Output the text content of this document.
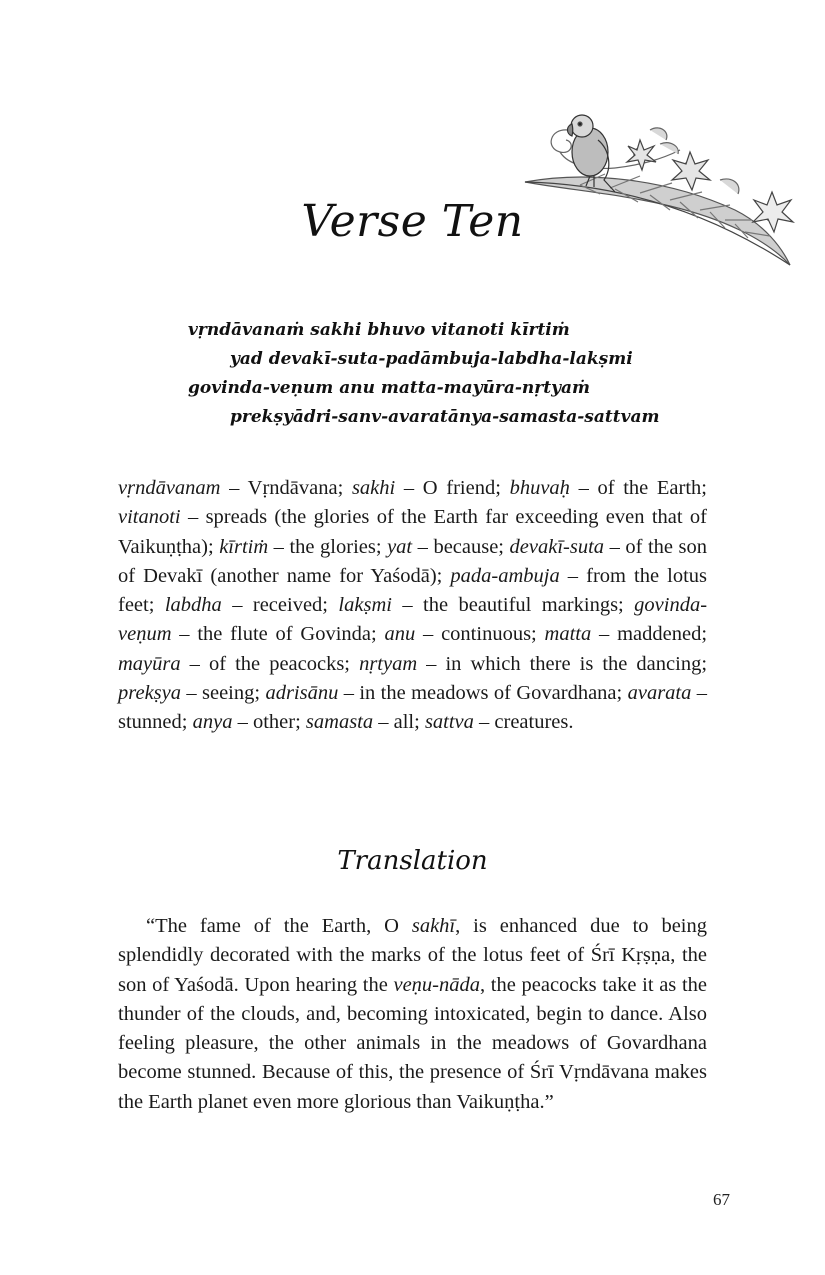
Verse Ten
vṛndāvanaṁ sakhi bhuvo vitanoti kīrtiṁ
yad devakī-suta-padāmbuja-labdha-lakṣmi
govinda-veṇum anu matta-mayūra-nṛtyaṁ
prekṣyādri-sanv-avaratānya-samasta-sattvam

vṛndāvanam – Vṛndāvana; sakhi – O friend; bhuvaḥ – of the Earth; vitanoti – spreads (the glories of the Earth far exceeding even that of Vaikuṇṭha); kīrtiṁ – the glories; yat – because; devakī-suta – of the son of Devakī (another name for Yaśodā); pada-ambuja – from the lotus feet; labdha – received; lakṣmi – the beautiful markings; govinda-veṇum – the flute of Govinda; anu – continuous; matta – maddened; mayūra – of the peacocks; nṛtyam – in which there is the dancing; prekṣya – seeing; adrisānu – in the meadows of Govardhana; avarata – stunned; anya – other; samasta – all; sattva – creatures.

Translation

“The fame of the Earth, O sakhī, is enhanced due to being splendidly decorated with the marks of the lotus feet of Śrī Kṛṣṇa, the son of Yaśodā. Upon hearing the veṇu-nāda, the peacocks take it as the thunder of the clouds, and, becoming intoxicated, begin to dance. Also feeling pleasure, the other animals in the meadows of Govardhana become stunned. Because of this, the presence of Śrī Vṛndāvana makes the Earth planet even more glorious than Vaikuṇṭha.”

67
